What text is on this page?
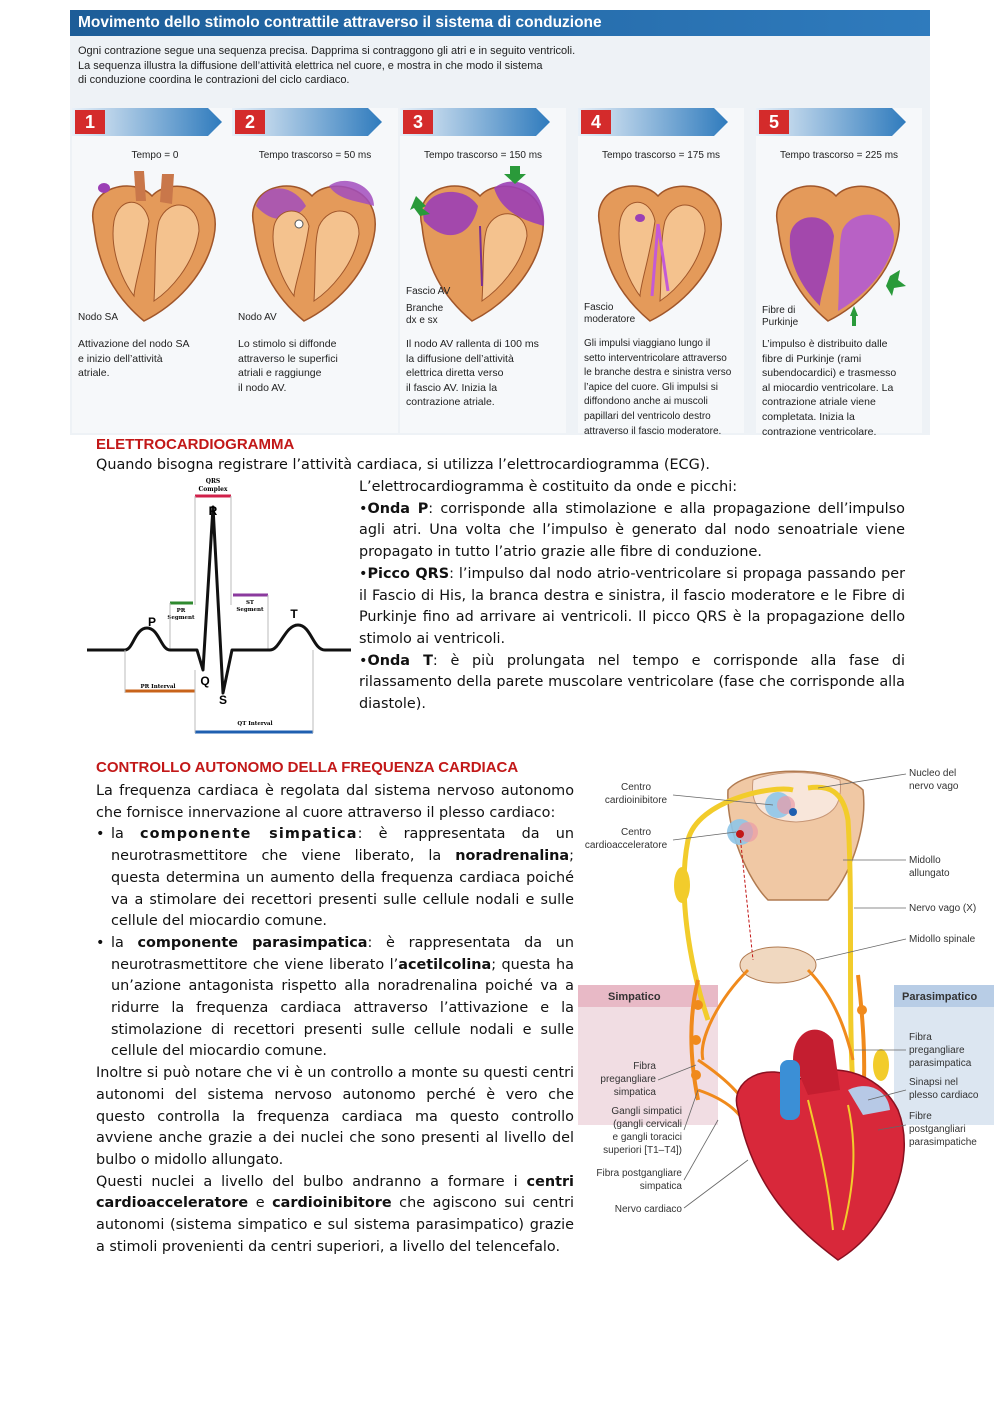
Movimento dello stimolo contrattile attraverso il sistema di conduzione
Ogni contrazione segue una sequenza precisa. Dapprima si contraggono gli atri e in seguito ventricoli.
La sequenza illustra la diffusione dell’attività elettrica nel cuore, e mostra in che modo il sistema
di conduzione coordina le contrazioni del ciclo cardiaco.
1
Tempo = 0
Nodo SA
Attivazione del nodo SA
e inizio dell’attività
atriale.
2
Tempo trascorso = 50 ms
Nodo AV
Lo stimolo si diffonde
attraverso le superfici
atriali e raggiunge
il nodo AV.
3
Tempo trascorso = 150 ms
Fascio AV
Branche
dx e sx
Il nodo AV rallenta di 100 ms
la diffusione dell’attività
elettrica diretta verso
il fascio AV. Inizia la
contrazione atriale.
4
Tempo trascorso = 175 ms
Fascio
moderatore
Gli impulsi viaggiano lungo il
setto interventricolare attraverso
le branche destra e sinistra verso
l’apice del cuore. Gli impulsi si
diffondono anche ai muscoli
papillari del ventricolo destro
attraverso il fascio moderatore.
5
Tempo trascorso = 225 ms
Fibre di
Purkinje
L’impulso è distribuito dalle
fibre di Purkinje (rami
subendocardici) e trasmesso
al miocardio ventricolare. La
contrazione atriale viene
completata. Inizia la
contrazione ventricolare.
ELETTROCARDIOGRAMMA
Quando bisogna registrare l’attività cardiaca, si utilizza l’elettrocardiogramma (ECG).
QRS
Complex
PR
Segment
ST
Segment
P
R
Q
S
T
PR Interval
QT Interval

L’elettrocardiogramma è costituito da onde e picchi:

•Onda P: corrisponde alla stimolazione e alla propagazione dell’impulso agli atri. Una volta che l’impulso è generato dal nodo senoatriale viene propagato in tutto l’atrio grazie alle fibre di conduzione.

•Picco QRS: l’impulso dal nodo atrio-ventricolare si propaga passando per il Fascio di His, la branca destra e sinistra, il fascio moderatore e le Fibre di Purkinje fino ad arrivare ai ventricoli. Il picco QRS è la propagazione dello stimolo ai ventricoli.

•Onda T: è più prolungata nel tempo e corrisponde alla fase di rilassamento della parete muscolare ventricolare (fase che corrisponde alla diastole).

CONTROLLO AUTONOMO DELLA FREQUENZA CARDIACA

La frequenza cardiaca è regolata dal sistema nervoso autonomo che fornisce innervazione al cuore attraverso il plesso cardiaco:

• la componente simpatica: è rappresentata da un neurotrasmettitore che viene liberato, la noradrenalina; questa determina un aumento della frequenza cardiaca poiché va a stimolare dei recettori presenti sulle cellule nodali e sulle cellule del miocardio comune.

• la componente parasimpatica: è rappresentata da un neurotrasmettitore che viene liberato l’acetilcolina; questa ha un’azione antagonista rispetto alla noradrenalina poiché va a ridurre la frequenza cardiaca attraverso l’attivazione e la stimolazione di recettori presenti sulle cellule nodali e sulle cellule del miocardio comune.

Inoltre si può notare che vi è un controllo a monte su questi centri autonomi del sistema nervoso autonomo perché è vero che questo controlla la frequenza cardiaca ma questo controllo avviene anche grazie a dei nuclei che sono presenti al livello del bulbo o midollo allungato.

Questi nuclei a livello del bulbo andranno a formare i centri cardioacceleratore e cardioinibitore che agiscono sui centri autonomi (sistema simpatico e sul sistema parasimpatico) grazie a stimoli provenienti da centri superiori, a livello del telencefalo.

Simpatico	Parasimpatico
Centro
cardioinibitore
Centro
cardioacceleratore
Nucleo del
nervo vago
Midollo
allungato
Nervo vago (X)
Midollo spinale
Fibra
pregangliare
simpatica
Gangli simpatici
(gangli cervicali
e gangli toracici
superiori [T1–T4])
Fibra postgangliare
simpatica
Nervo cardiaco
Fibra
pregangliare
parasimpatica
Sinapsi nel
plesso cardiaco
Fibre
postgangliari
parasimpatiche
